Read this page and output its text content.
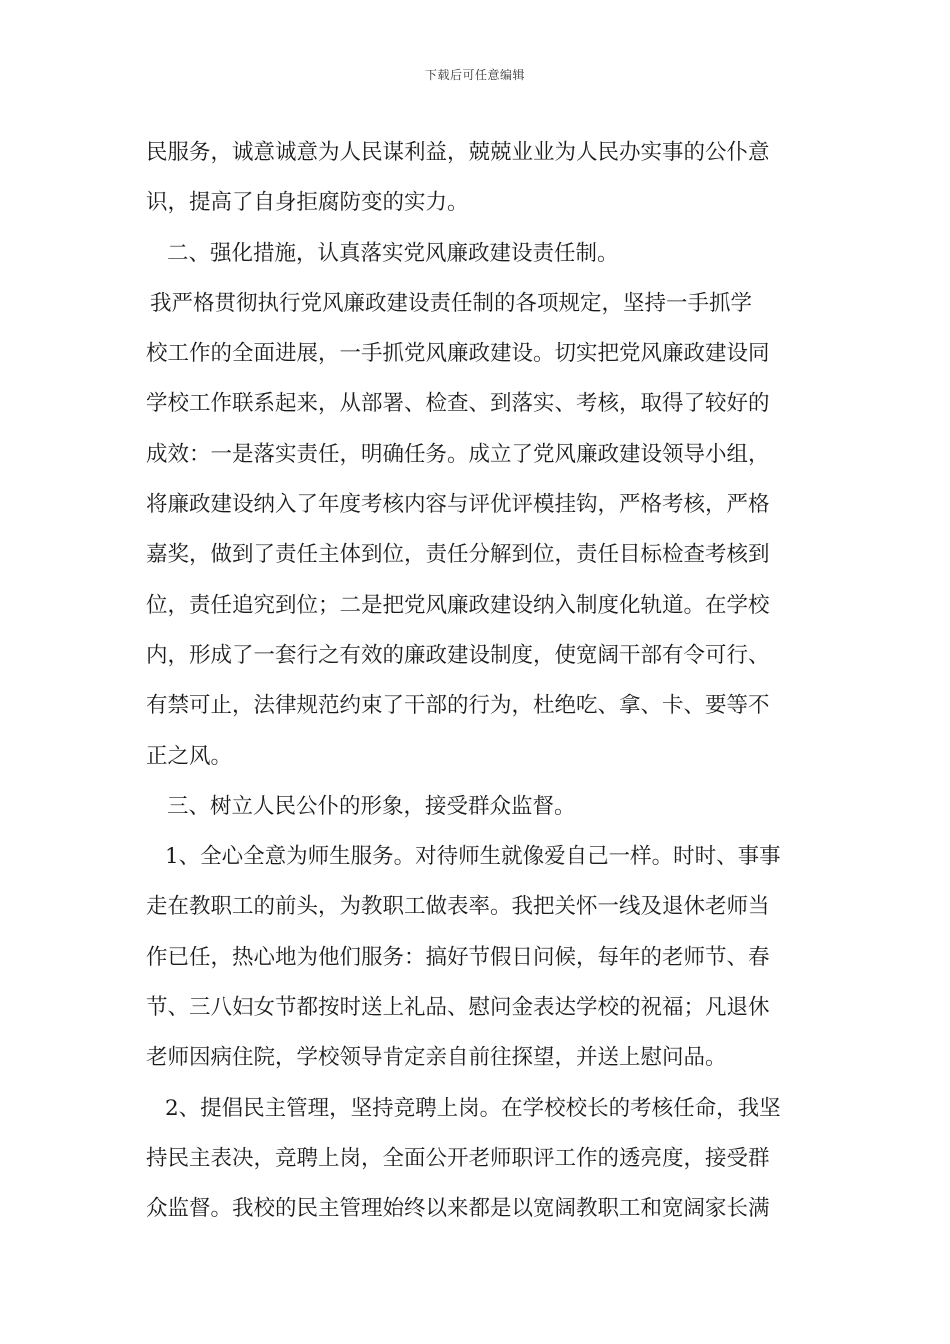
下载后可任意编辑
民服务，诚意诚意为人民谋利益，兢兢业业为人民办实事的公仆意
识，提高了自身拒腐防变的实力。
二、强化措施，认真落实党风廉政建设责任制。
我严格贯彻执行党风廉政建设责任制的各项规定，坚持一手抓学
校工作的全面进展，一手抓党风廉政建设。切实把党风廉政建设同
学校工作联系起来，从部署、检查、到落实、考核，取得了较好的
成效：一是落实责任，明确任务。成立了党风廉政建设领导小组，
将廉政建设纳入了年度考核内容与评优评模挂钩，严格考核，严格
嘉奖，做到了责任主体到位，责任分解到位，责任目标检查考核到
位，责任追究到位；二是把党风廉政建设纳入制度化轨道。在学校
内，形成了一套行之有效的廉政建设制度，使宽阔干部有令可行、
有禁可止，法律规范约束了干部的行为，杜绝吃、拿、卡、要等不
正之风。
三、树立人民公仆的形象，接受群众监督。
1、全心全意为师生服务。对待师生就像爱自己一样。时时、事事
走在教职工的前头，为教职工做表率。我把关怀一线及退休老师当
作已任，热心地为他们服务：搞好节假日问候，每年的老师节、春
节、三八妇女节都按时送上礼品、慰问金表达学校的祝福；凡退休
老师因病住院，学校领导肯定亲自前往探望，并送上慰问品。
2、提倡民主管理，坚持竞聘上岗。在学校校长的考核任命，我坚
持民主表决，竞聘上岗，全面公开老师职评工作的透亮度，接受群
众监督。我校的民主管理始终以来都是以宽阔教职工和宽阔家长满
